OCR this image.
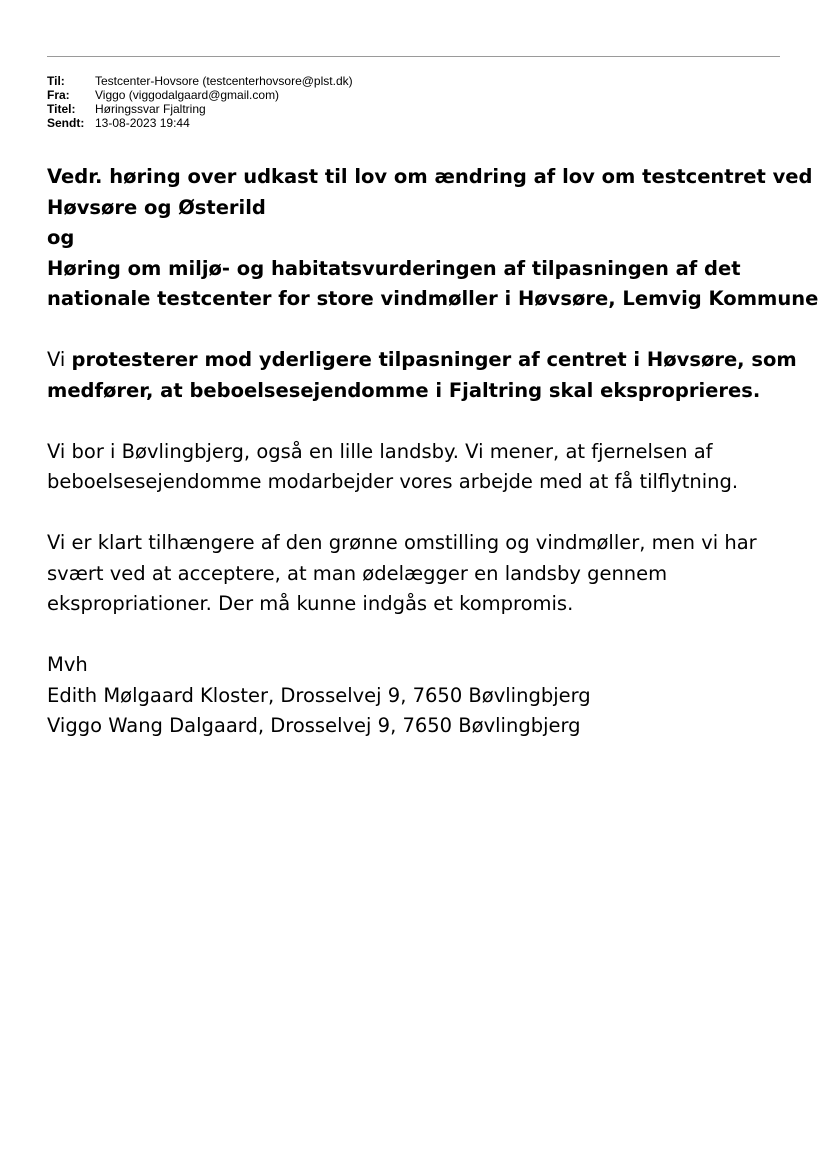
Til:	Testcenter-Hovsore (testcenterhovsore@plst.dk)
Fra:	Viggo (viggodalgaard@gmail.com)
Titel:	Høringssvar Fjaltring
Sendt: 13-08-2023 19:44
Vedr. høring over udkast til lov om ændring af lov om testcentret ved
Høvsøre og Østerild
og
Høring om miljø- og habitatsvurderingen af tilpasningen af det
nationale testcenter for store vindmøller i Høvsøre, Lemvig Kommune
Vi protesterer mod yderligere tilpasninger af centret i Høvsøre, som
medfører, at beboelsesejendomme i Fjaltring skal eksproprieres.
Vi bor i Bøvlingbjerg, også en lille landsby. Vi mener, at fjernelsen af
beboelsesejendomme modarbejder vores arbejde med at få tilflytning.
Vi er klart tilhængere af den grønne omstilling og vindmøller, men vi har
svært ved at acceptere, at man ødelægger en landsby gennem
ekspropriationer. Der må kunne indgås et kompromis.
Mvh
Edith Mølgaard Kloster, Drosselvej 9, 7650 Bøvlingbjerg
Viggo Wang Dalgaard, Drosselvej 9, 7650 Bøvlingbjerg
